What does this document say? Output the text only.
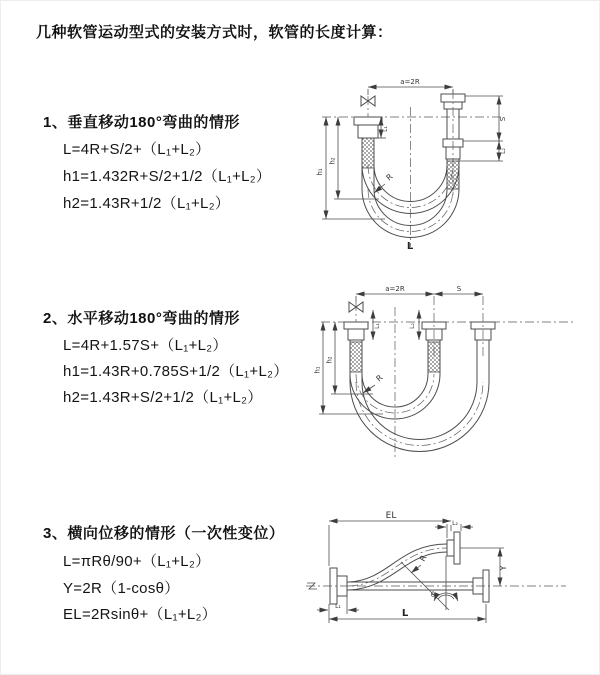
几种软管运动型式的安装方式时，软管的长度计算：
1、垂直移动180°弯曲的情形
L=4R+S/2+（L₁+L₂）
h1=1.432R+S/2+1/2（L₁+L₂）
h2=1.43R+1/2（L₁+L₂）
2、水平移动180°弯曲的情形
L=4R+1.57S+（L₁+L₂）
h1=1.43R+0.785S+1/2（L₁+L₂）
h2=1.43R+S/2+1/2（L₁+L₂）
3、横向位移的情形（一次性变位）
L=πRθ/90+（L₁+L₂）
Y=2R（1-cosθ）
EL=2Rsinθ+（L₁+L₂）
a=2R
h₁
h₂
L₁
S
L₂
R
L
a=2R	S
h₁
h₂
L₁	L₂
R
EL
L₂
Y
θ
R
L
L₁
